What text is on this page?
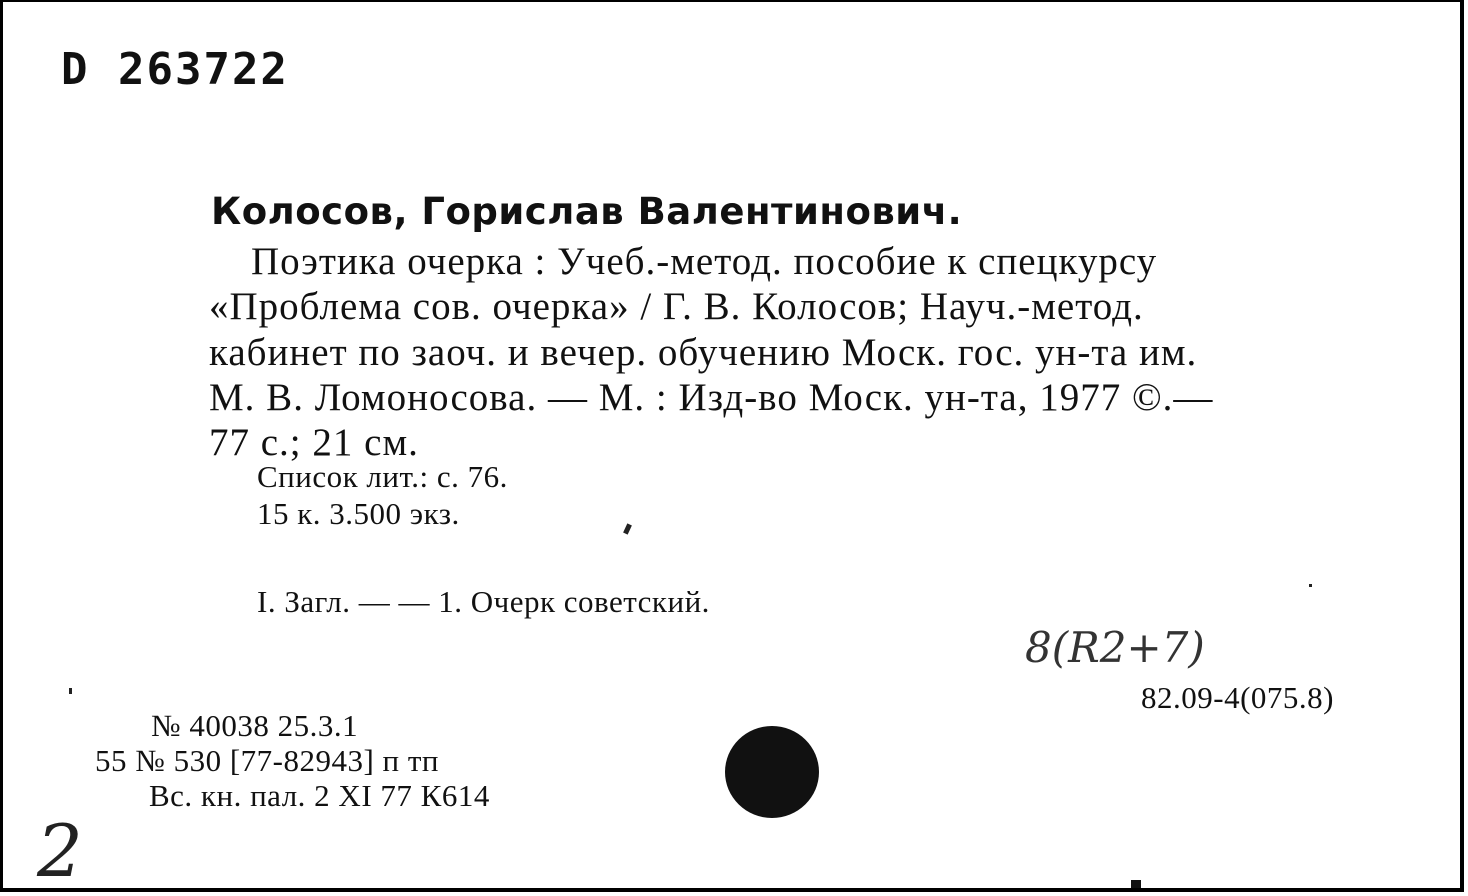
D 263722
Колосов, Горислав Валентинович.
Поэтика очерка : Учеб.-метод. пособие к спецкурсу
«Проблема сов. очерка» / Г. В. Колосов; Науч.-метод.
кабинет по заоч. и вечер. обучению Моск. гос. ун-та им.
М. В. Ломоносова. — М. : Изд-во Моск. ун-та, 1977 ©.—
77 с.; 21 см.
Список лит.: с. 76.
15 к. 3.500 экз.
I. Загл. — — 1. Очерк советский.
8(R2+7)
82.09-4(075.8)
№ 40038 25.3.1
55 № 530 [77-82943] п тп
Вс. кн. пал. 2 XI 77 К614
2
